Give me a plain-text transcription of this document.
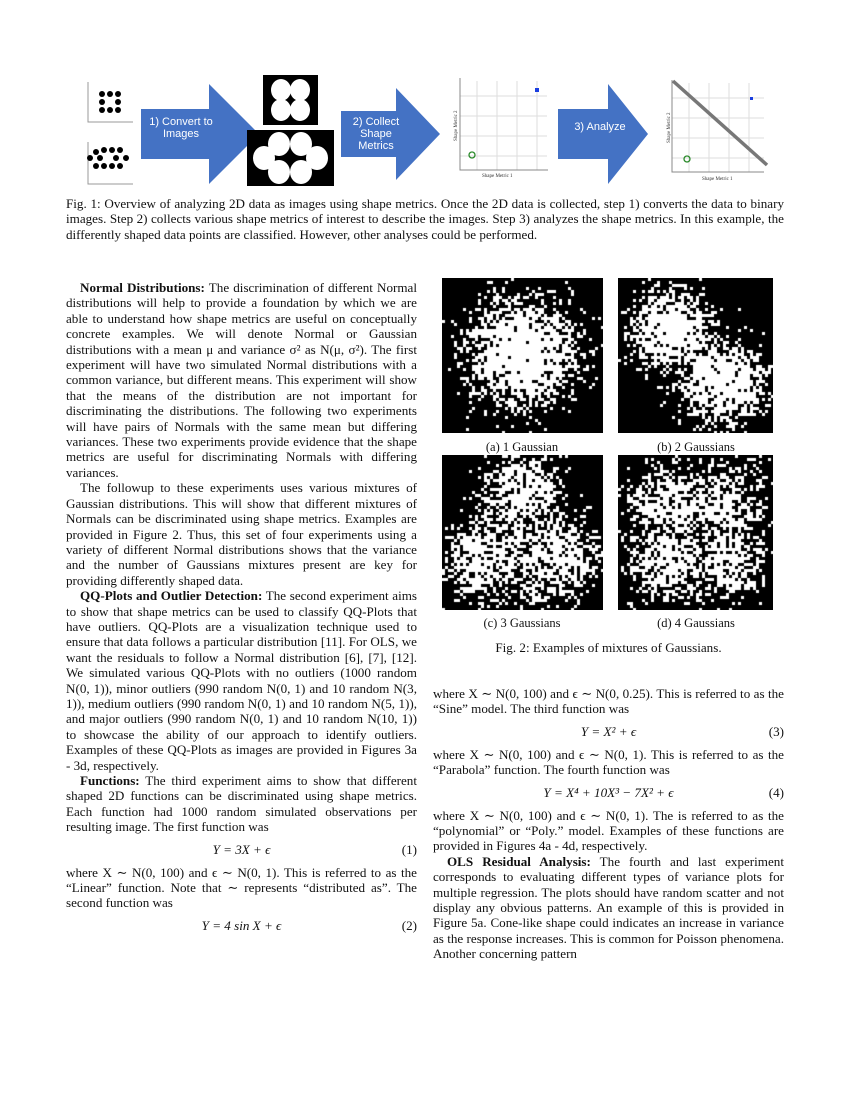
1) Convert to Images
2) Collect Shape Metrics
Shape Metric 1
Shape Metric 2	3) Analyze
Shape Metric 1
Shape Metric 2
Fig. 1: Overview of analyzing 2D data as images using shape metrics. Once the 2D data is collected, step 1) converts the data to binary images. Step 2) collects various shape metrics of interest to describe the images. Step 3) analyzes the shape metrics. In this example, the differently shaped data points are classified. However, other analyses could be performed.

Normal Distributions: The discrimination of different Normal distributions will help to provide a foundation by which we are able to understand how shape metrics are useful on conceptually concrete examples. We will denote Normal or Gaussian distributions with a mean μ and variance σ² as N(μ, σ²). The first experiment will have two simulated Normal distributions with a common variance, but different means. This experiment will show that the means of the distribution are not important for discriminating the distributions. The following two experiments will have pairs of Normals with the same mean but differing variances. These two experiments provide evidence that the shape metrics are useful for discriminating Normals with differing variances.

The followup to these experiments uses various mixtures of Gaussian distributions. This will show that different mixtures of Normals can be discriminated using shape metrics. Examples are provided in Figure 2. Thus, this set of four experiments using a variety of different Normal distributions shows that the variance and the number of Gaussians mixtures present are key for providing differently shaped data.

QQ-Plots and Outlier Detection: The second experiment aims to show that shape metrics can be used to classify QQ-Plots that have outliers. QQ-Plots are a visualization technique used to ensure that data follows a particular distribution [11]. For OLS, we want the residuals to follow a Normal distribution [6], [7], [12]. We simulated various QQ-Plots with no outliers (1000 random N(0, 1)), minor outliers (990 random N(0, 1) and 10 random N(3, 1)), medium outliers (990 random N(0, 1) and 10 random N(5, 1)), and major outliers (990 random N(0, 1) and 10 random N(10, 1)) to showcase the ability of our approach to identify outliers. Examples of these QQ-Plots as images are provided in Figures 3a - 3d, respectively.

Functions: The third experiment aims to show that different shaped 2D functions can be discriminated using shape metrics. Each function had 1000 random simulated observations per resulting image. The first function was

Y = 3X + ϵ	(1)

where X ∼ N(0, 100) and ϵ ∼ N(0, 1). This is referred to as the “Linear” function. Note that ∼ represents “distributed as”. The second function was

Y = 4 sin X + ϵ	(2)
(a) 1 Gaussian	(b) 2 Gaussians
(c) 3 Gaussians	(d) 4 Gaussians
Fig. 2: Examples of mixtures of Gaussians.

where X ∼ N(0, 100) and ϵ ∼ N(0, 0.25). This is referred to as the “Sine” model. The third function was

Y = X² + ϵ	(3)

where X ∼ N(0, 100) and ϵ ∼ N(0, 1). This is referred to as the “Parabola” function. The fourth function was

Y = X⁴ + 10X³ − 7X² + ϵ	(4)

where X ∼ N(0, 100) and ϵ ∼ N(0, 1). The is referred to as the “polynomial” or “Poly.” model. Examples of these functions are provided in Figures 4a - 4d, respectively.

OLS Residual Analysis: The fourth and last experiment corresponds to evaluating different types of variance plots for multiple regression. The plots should have random scatter and not display any obvious patterns. An example of this is provided in Figure 5a. Cone-like shape could indicates an increase in variance as the response increases. This is common for Poisson phenomena. Another concerning pattern
